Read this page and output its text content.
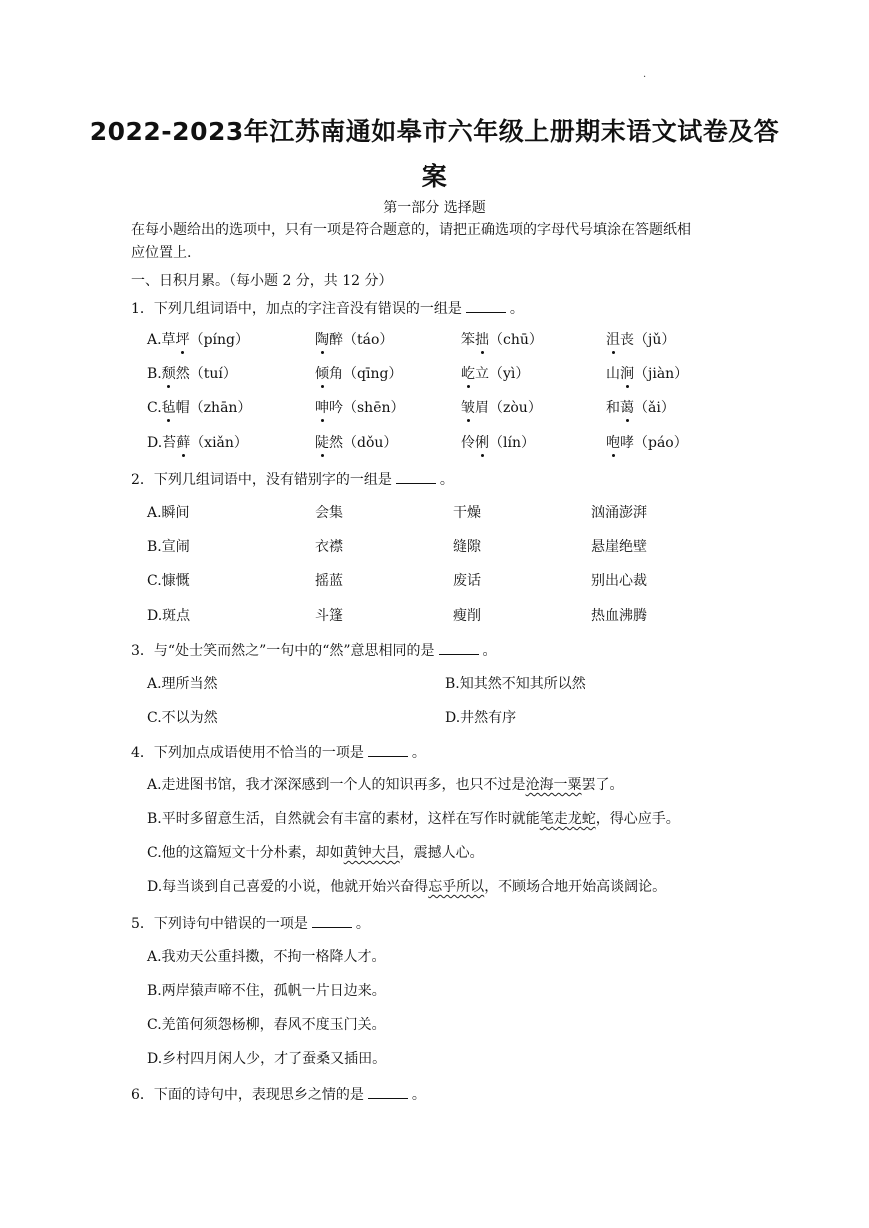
·
2022-2023年江苏南通如皋市六年级上册期末语文试卷及答
案
第一部分 选择题
在每小题给出的选项中，只有一项是符合题意的，请把正确选项的字母代号填涂在答题纸相
应位置上.
一、日积月累。（每小题 2 分，共 12 分）
1．下列几组词语中，加点的字注音没有错误的一组是	。
A.草坪（píng）	陶醉（táo）	笨拙（chū）	沮丧（jǔ）
B.颓然（tuí）	倾角（qīng）	屹立（yì）	山涧（jiàn）
C.毡帽（zhān）	呻吟（shēn）	皱眉（zòu）	和蔼（ǎi）
D.苔藓（xiǎn）	陡然（dǒu）	伶俐（lín）	咆哮（páo）
2．下列几组词语中，没有错别字的一组是	。
A.瞬间	会集	干燥	汹涌澎湃
B.宣闹	衣襟	缝隙	悬崖绝壁
C.慷慨	摇蓝	废话	别出心裁
D.斑点	斗篷	瘦削	热血沸腾
3．与“处士笑而然之”一句中的“然”意思相同的是	。
A.理所当然	B.知其然不知其所以然
C.不以为然	D.井然有序
4．下列加点成语使用不恰当的一项是	。
A.走进图书馆，我才深深感到一个人的知识再多，也只不过是沧海一粟罢了。
B.平时多留意生活，自然就会有丰富的素材，这样在写作时就能笔走龙蛇，得心应手。
C.他的这篇短文十分朴素，却如黄钟大吕，震撼人心。
D.每当谈到自己喜爱的小说，他就开始兴奋得忘乎所以，不顾场合地开始高谈阔论。
5．下列诗句中错误的一项是	。
A.我劝天公重抖擞，不拘一格降人才。
B.两岸猿声啼不住，孤帆一片日边来。
C.羌笛何须怨杨柳，春风不度玉门关。
D.乡村四月闲人少，才了蚕桑又插田。
6．下面的诗句中，表现思乡之情的是	。
